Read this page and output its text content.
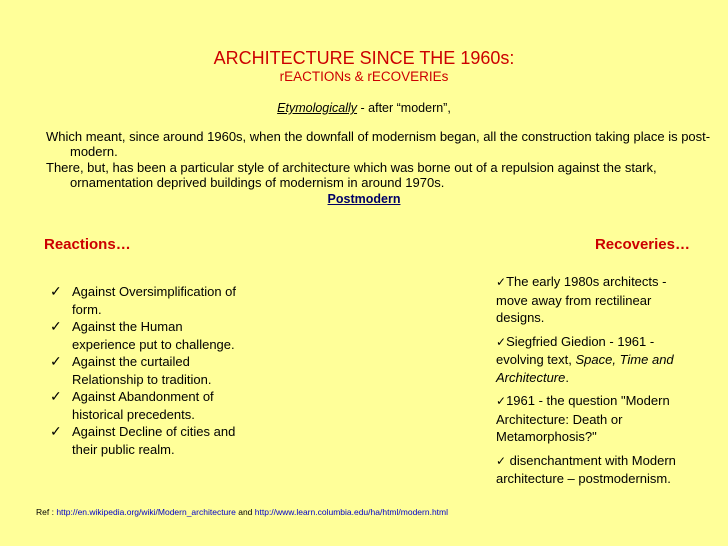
ARCHITECTURE SINCE THE 1960s:
rEACTIONs & rECOVERIEs
Etymologically - after “modern”,
Which meant, since around 1960s, when the downfall of modernism began, all the construction taking place is post-modern.
There, but, has been a particular style of architecture which was borne out of a repulsion against the stark, ornamentation deprived buildings of modernism in around 1970s.
Postmodern
Reactions…	Recoveries…
✓ Against Oversimplification of form.
✓ Against the Human experience put to challenge.
✓ Against the curtailed Relationship to tradition.
✓ Against Abandonment of historical precedents.
✓ Against Decline of cities and their public realm.
✓The early 1980s architects - move away from rectilinear designs.
✓Siegfried Giedion - 1961 -evolving text, Space, Time and Architecture.
✓1961 - the question "Modern Architecture: Death or Metamorphosis?"
✓ disenchantment with Modern architecture – postmodernism.
Ref : http://en.wikipedia.org/wiki/Modern_architecture and http://www.learn.columbia.edu/ha/html/modern.html
